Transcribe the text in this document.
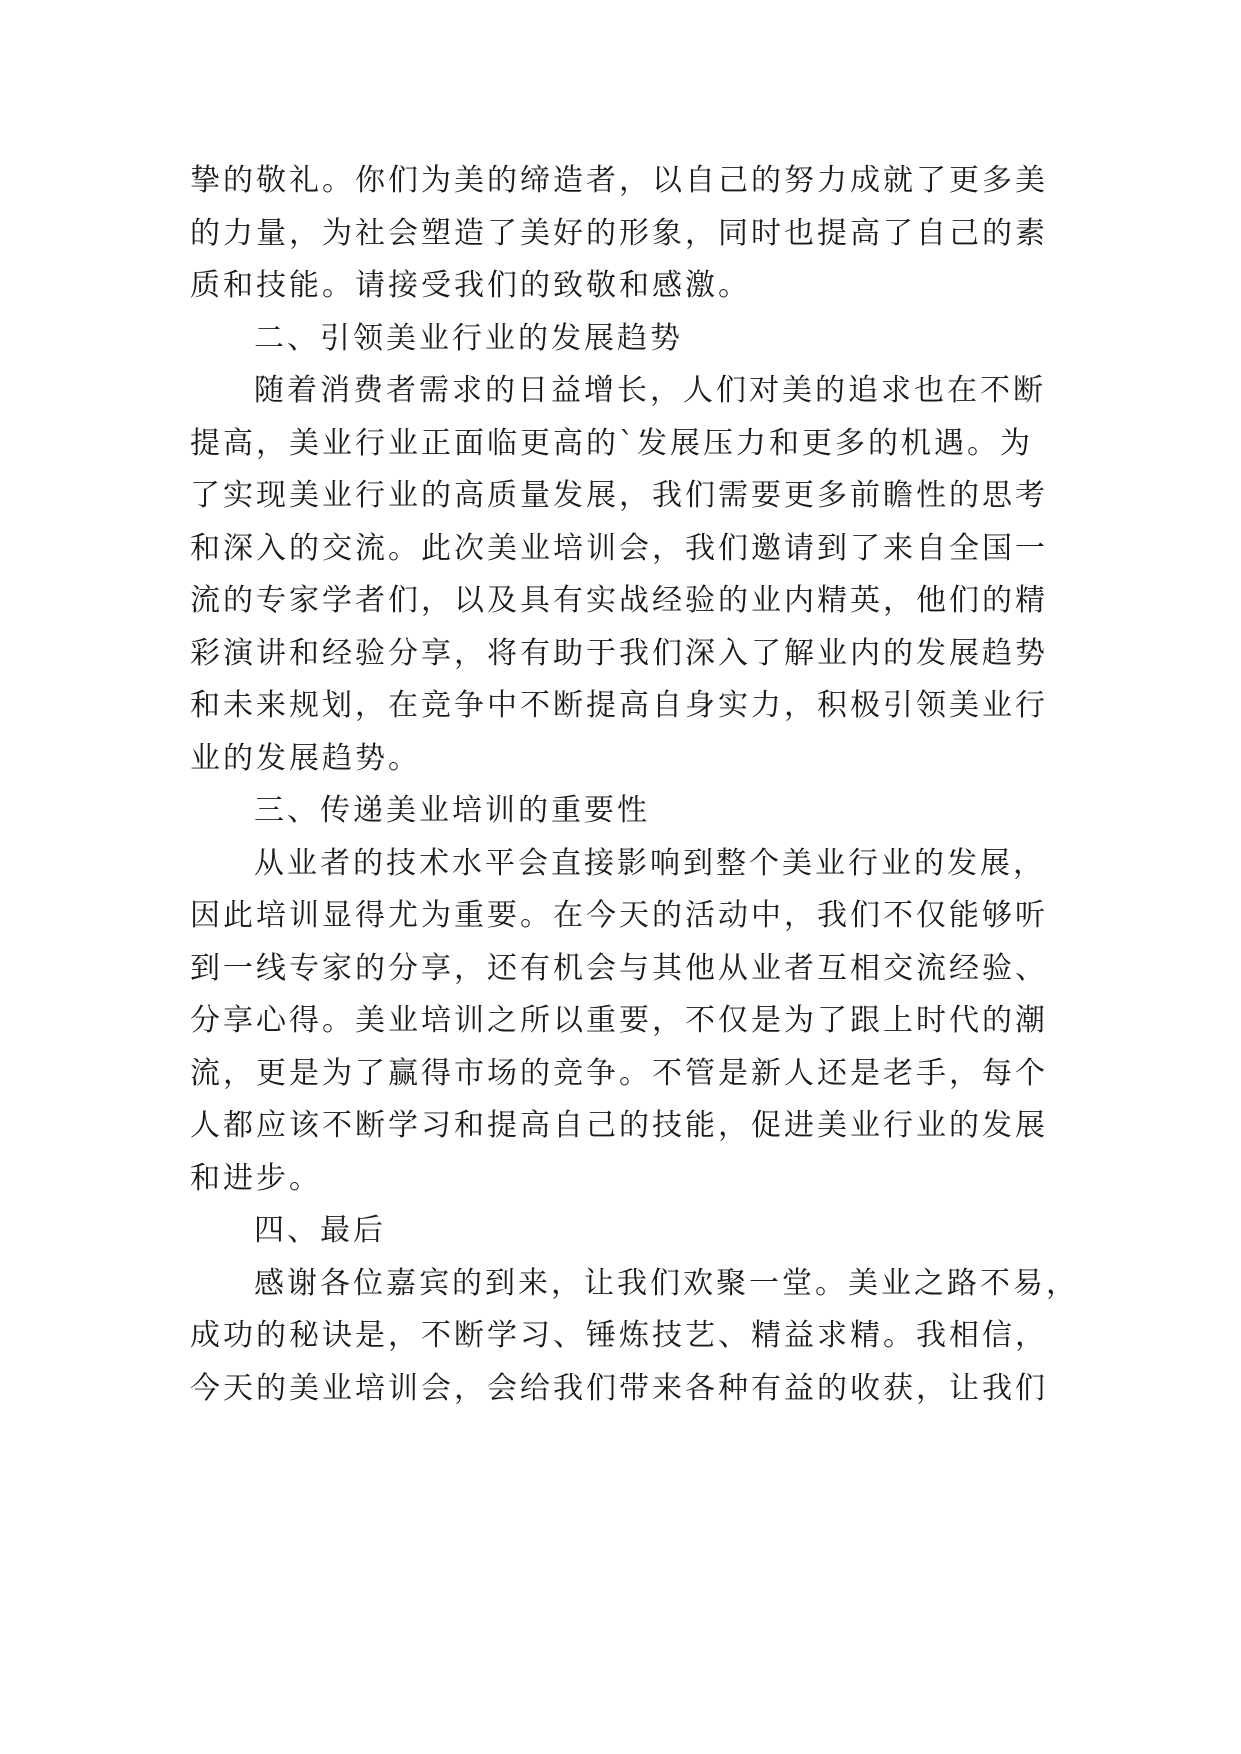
挚的敬礼。你们为美的缔造者，以自己的努力成就了更多美
的力量，为社会塑造了美好的形象，同时也提高了自己的素
质和技能。请接受我们的致敬和感激。
二、引领美业行业的发展趋势
随着消费者需求的日益增长，人们对美的追求也在不断
提高，美业行业正面临更高的`发展压力和更多的机遇。为
了实现美业行业的高质量发展，我们需要更多前瞻性的思考
和深入的交流。此次美业培训会，我们邀请到了来自全国一
流的专家学者们，以及具有实战经验的业内精英，他们的精
彩演讲和经验分享，将有助于我们深入了解业内的发展趋势
和未来规划，在竞争中不断提高自身实力，积极引领美业行
业的发展趋势。
三、传递美业培训的重要性
从业者的技术水平会直接影响到整个美业行业的发展，
因此培训显得尤为重要。在今天的活动中，我们不仅能够听
到一线专家的分享，还有机会与其他从业者互相交流经验、
分享心得。美业培训之所以重要，不仅是为了跟上时代的潮
流，更是为了赢得市场的竞争。不管是新人还是老手，每个
人都应该不断学习和提高自己的技能，促进美业行业的发展
和进步。
四、最后
感谢各位嘉宾的到来，让我们欢聚一堂。美业之路不易，
成功的秘诀是，不断学习、锤炼技艺、精益求精。我相信，
今天的美业培训会，会给我们带来各种有益的收获，让我们
